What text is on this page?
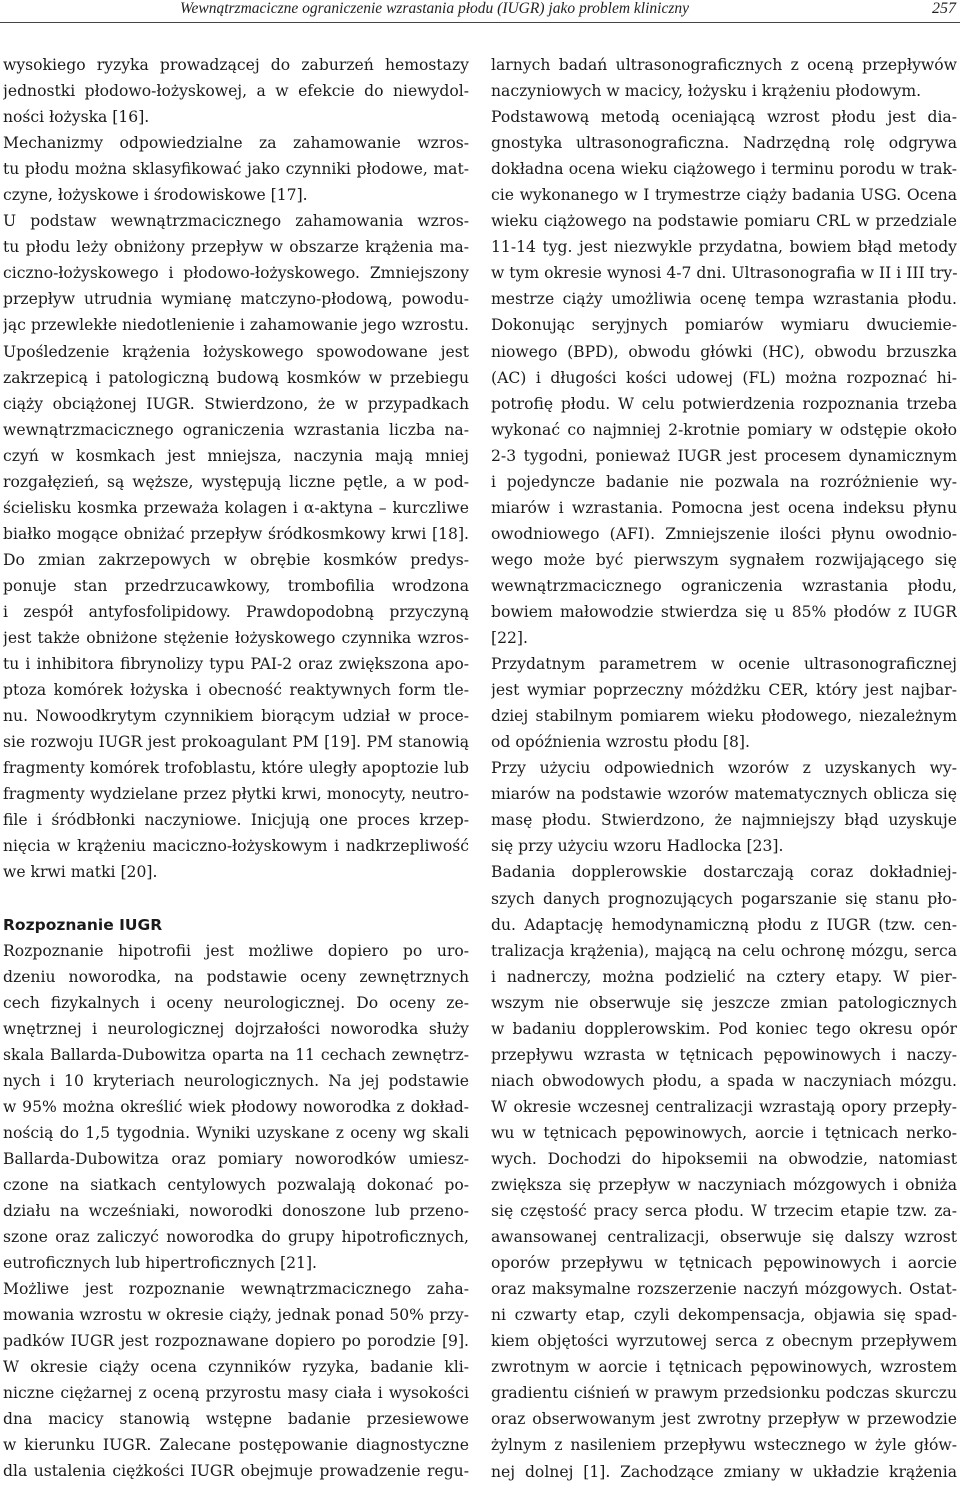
Wewnątrzmaciczne ograniczenie wzrastania płodu (IUGR) jako problem kliniczny	257
wysokiego ryzyka prowadzącej do zaburzeń hemostazy
jednostki płodowo-łożyskowej, a w efekcie do niewydol-
ności łożyska [16].
Mechanizmy odpowiedzialne za zahamowanie wzros-
tu płodu można sklasyfikować jako czynniki płodowe, mat-
czyne, łożyskowe i środowiskowe [17].
U podstaw wewnątrzmacicznego zahamowania wzros-
tu płodu leży obniżony przepływ w obszarze krążenia ma-
ciczno-łożyskowego i płodowo-łożyskowego. Zmniejszony
przepływ utrudnia wymianę matczyno-płodową, powodu-
jąc przewlekłe niedotlenienie i zahamowanie jego wzrostu.
Upośledzenie krążenia łożyskowego spowodowane jest
zakrzepicą i patologiczną budową kosmków w przebiegu
ciąży obciążonej IUGR. Stwierdzono, że w przypadkach
wewnątrzmacicznego ograniczenia wzrastania liczba na-
czyń w kosmkach jest mniejsza, naczynia mają mniej
rozgałęzień, są węższe, występują liczne pętle, a w pod-
ścielisku kosmka przeważa kolagen i α-aktyna – kurczliwe
białko mogące obniżać przepływ śródkosmkowy krwi [18].
Do zmian zakrzepowych w obrębie kosmków predys-
ponuje stan przedrzucawkowy, trombofilia wrodzona
i zespół antyfosfolipidowy. Prawdopodobną przyczyną
jest także obniżone stężenie łożyskowego czynnika wzros-
tu i inhibitora fibrynolizy typu PAI-2 oraz zwiększona apo-
ptoza komórek łożyska i obecność reaktywnych form tle-
nu. Nowoodkrytym czynnikiem biorącym udział w proce-
sie rozwoju IUGR jest prokoagulant PM [19]. PM stanowią
fragmenty komórek trofoblastu, które uległy apoptozie lub
fragmenty wydzielane przez płytki krwi, monocyty, neutro-
file i śródbłonki naczyniowe. Inicjują one proces krzep-
nięcia w krążeniu maciczno-łożyskowym i nadkrzepliwość
we krwi matki [20].
Rozpoznanie IUGR
Rozpoznanie hipotrofii jest możliwe dopiero po uro-
dzeniu noworodka, na podstawie oceny zewnętrznych
cech fizykalnych i oceny neurologicznej. Do oceny ze-
wnętrznej i neurologicznej dojrzałości noworodka służy
skala Ballarda-Dubowitza oparta na 11 cechach zewnętrz-
nych i 10 kryteriach neurologicznych. Na jej podstawie
w 95% można określić wiek płodowy noworodka z dokład-
nością do 1,5 tygodnia. Wyniki uzyskane z oceny wg skali
Ballarda-Dubowitza oraz pomiary noworodków umiesz-
czone na siatkach centylowych pozwalają dokonać po-
działu na wcześniaki, noworodki donoszone lub przeno-
szone oraz zaliczyć noworodka do grupy hipotroficznych,
eutroficznych lub hipertroficznych [21].
Możliwe jest rozpoznanie wewnątrzmacicznego zaha-
mowania wzrostu w okresie ciąży, jednak ponad 50% przy-
padków IUGR jest rozpoznawane dopiero po porodzie [9].
W okresie ciąży ocena czynników ryzyka, badanie kli-
niczne ciężarnej z oceną przyrostu masy ciała i wysokości
dna macicy stanowią wstępne badanie przesiewowe
w kierunku IUGR. Zalecane postępowanie diagnostyczne
dla ustalenia ciężkości IUGR obejmuje prowadzenie regu-
larnych badań ultrasonograficznych z oceną przepływów
naczyniowych w macicy, łożysku i krążeniu płodowym.
Podstawową metodą oceniającą wzrost płodu jest dia-
gnostyka ultrasonograficzna. Nadrzędną rolę odgrywa
dokładna ocena wieku ciążowego i terminu porodu w trak-
cie wykonanego w I trymestrze ciąży badania USG. Ocena
wieku ciążowego na podstawie pomiaru CRL w przedziale
11-14 tyg. jest niezwykle przydatna, bowiem błąd metody
w tym okresie wynosi 4-7 dni. Ultrasonografia w II i III try-
mestrze ciąży umożliwia ocenę tempa wzrastania płodu.
Dokonując seryjnych pomiarów wymiaru dwuciemie-
niowego (BPD), obwodu główki (HC), obwodu brzuszka
(AC) i długości kości udowej (FL) można rozpoznać hi-
potrofię płodu. W celu potwierdzenia rozpoznania trzeba
wykonać co najmniej 2-krotnie pomiary w odstępie około
2-3 tygodni, ponieważ IUGR jest procesem dynamicznym
i pojedyncze badanie nie pozwala na rozróżnienie wy-
miarów i wzrastania. Pomocna jest ocena indeksu płynu
owodniowego (AFI). Zmniejszenie ilości płynu owodnio-
wego może być pierwszym sygnałem rozwijającego się
wewnątrzmacicznego ograniczenia wzrastania płodu,
bowiem małowodzie stwierdza się u 85% płodów z IUGR
[22].
Przydatnym parametrem w ocenie ultrasonograficznej
jest wymiar poprzeczny móżdżku CER, który jest najbar-
dziej stabilnym pomiarem wieku płodowego, niezależnym
od opóźnienia wzrostu płodu [8].
Przy użyciu odpowiednich wzorów z uzyskanych wy-
miarów na podstawie wzorów matematycznych oblicza się
masę płodu. Stwierdzono, że najmniejszy błąd uzyskuje
się przy użyciu wzoru Hadlocka [23].
Badania dopplerowskie dostarczają coraz dokładniej-
szych danych prognozujących pogarszanie się stanu pło-
du. Adaptację hemodynamiczną płodu z IUGR (tzw. cen-
tralizacja krążenia), mającą na celu ochronę mózgu, serca
i nadnerczy, można podzielić na cztery etapy. W pier-
wszym nie obserwuje się jeszcze zmian patologicznych
w badaniu dopplerowskim. Pod koniec tego okresu opór
przepływu wzrasta w tętnicach pępowinowych i naczy-
niach obwodowych płodu, a spada w naczyniach mózgu.
W okresie wczesnej centralizacji wzrastają opory przepły-
wu w tętnicach pępowinowych, aorcie i tętnicach nerko-
wych. Dochodzi do hipoksemii na obwodzie, natomiast
zwiększa się przepływ w naczyniach mózgowych i obniża
się częstość pracy serca płodu. W trzecim etapie tzw. za-
awansowanej centralizacji, obserwuje się dalszy wzrost
oporów przepływu w tętnicach pępowinowych i aorcie
oraz maksymalne rozszerzenie naczyń mózgowych. Ostat-
ni czwarty etap, czyli dekompensacja, objawia się spad-
kiem objętości wyrzutowej serca z obecnym przepływem
zwrotnym w aorcie i tętnicach pępowinowych, wzrostem
gradientu ciśnień w prawym przedsionku podczas skurczu
oraz obserwowanym jest zwrotny przepływ w przewodzie
żylnym z nasileniem przepływu wstecznego w żyle głów-
nej dolnej [1]. Zachodzące zmiany w układzie krążenia
